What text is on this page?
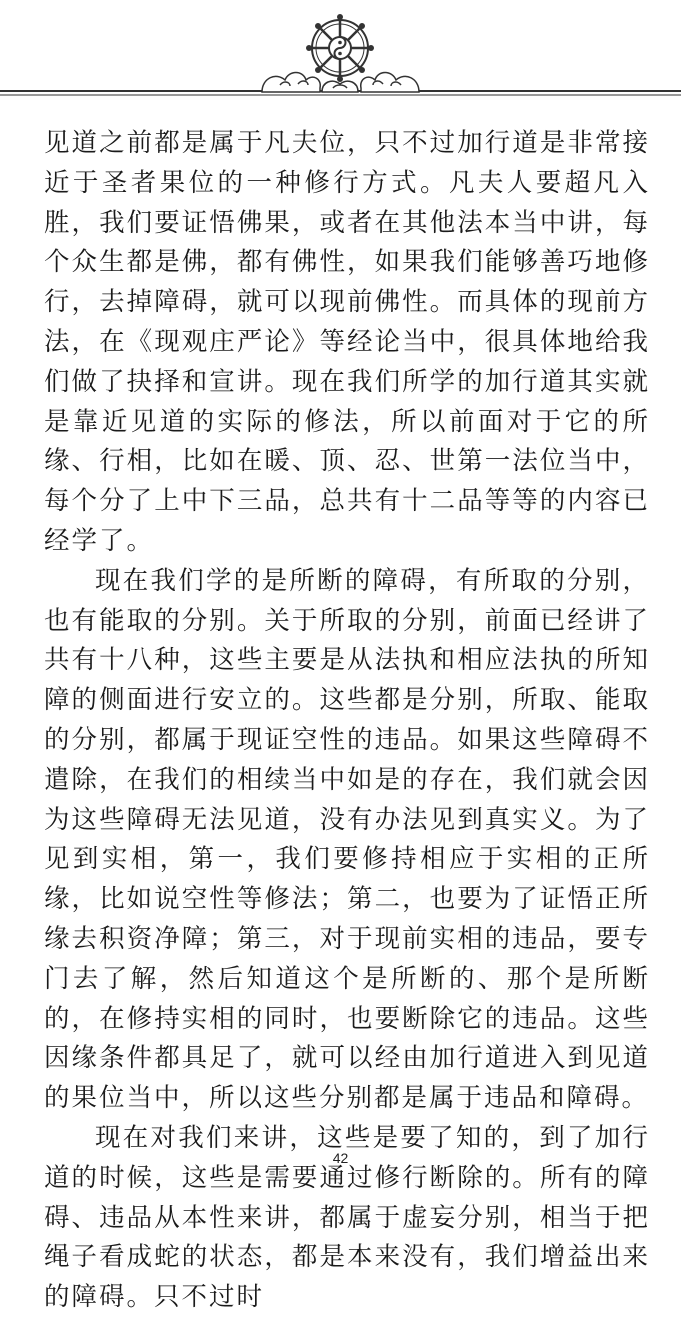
见道之前都是属于凡夫位，只不过加行道是非常接近于圣者果位的一种修行方式。凡夫人要超凡入胜，我们要证悟佛果，或者在其他法本当中讲，每个众生都是佛，都有佛性，如果我们能够善巧地修行，去掉障碍，就可以现前佛性。而具体的现前方法，在《现观庄严论》等经论当中，很具体地给我们做了抉择和宣讲。现在我们所学的加行道其实就是靠近见道的实际的修法，所以前面对于它的所缘、行相，比如在暖、顶、忍、世第一法位当中，每个分了上中下三品，总共有十二品等等的内容已经学了。

现在我们学的是所断的障碍，有所取的分别，也有能取的分别。关于所取的分别，前面已经讲了共有十八种，这些主要是从法执和相应法执的所知障的侧面进行安立的。这些都是分别，所取、能取的分别，都属于现证空性的违品。如果这些障碍不遣除，在我们的相续当中如是的存在，我们就会因为这些障碍无法见道，没有办法见到真实义。为了见到实相，第一，我们要修持相应于实相的正所缘，比如说空性等修法；第二，也要为了证悟正所缘去积资净障；第三，对于现前实相的违品，要专门去了解，然后知道这个是所断的、那个是所断的，在修持实相的同时，也要断除它的违品。这些因缘条件都具足了，就可以经由加行道进入到见道的果位当中，所以这些分别都是属于违品和障碍。

现在对我们来讲，这些是要了知的，到了加行道的时候，这些是需要通过修行断除的。所有的障碍、违品从本性来讲，都属于虚妄分别，相当于把绳子看成蛇的状态，都是本来没有，我们增益出来的障碍。只不过时

42
